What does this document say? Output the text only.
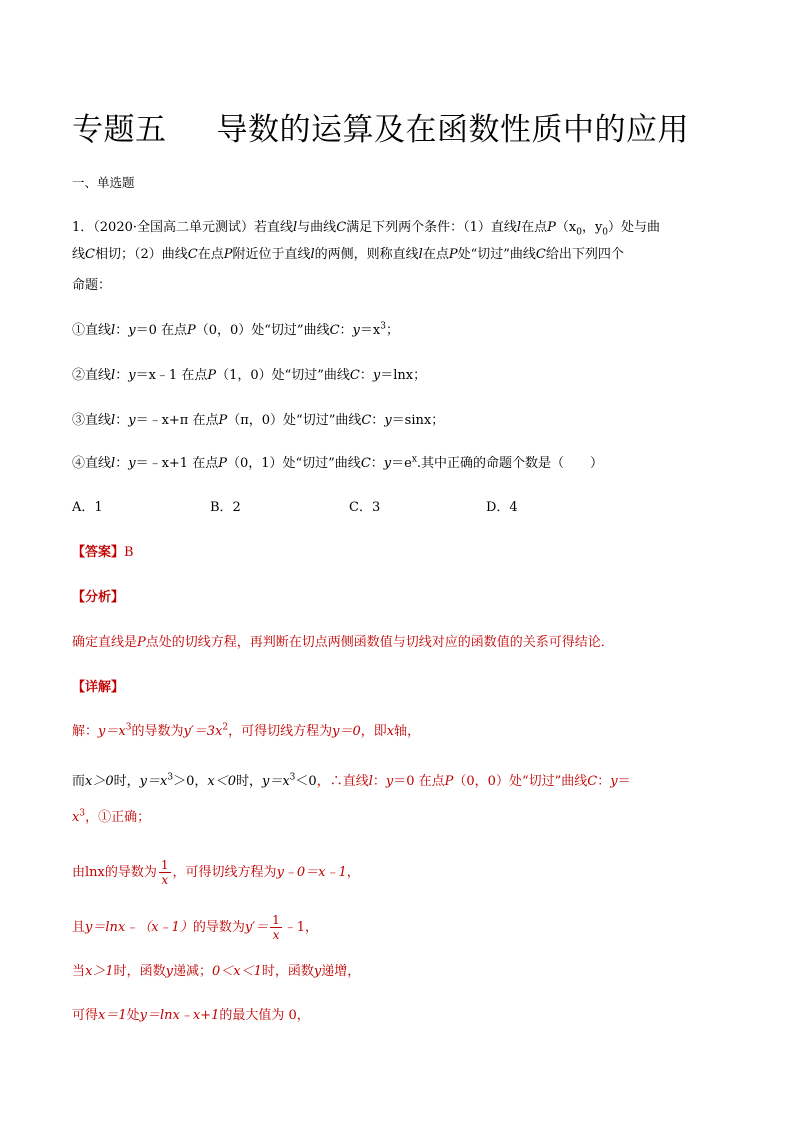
专题五 导数的运算及在函数性质中的应用
一、单选题
1．（2020·全国高二单元测试）若直线l与曲线C满足下列两个条件：（1）直线l在点$P(x_0$，$y_0$）处与曲
线C相切；（2）曲线C在点P附近位于直线l的两侧，则称直线l在点P处“切过”曲线C给出下列四个
命题：
①直线l：y＝0 在点P（0，0）处“切过”曲线C：$y=x^3$；
②直线l：y＝x﹣1 在点P（1，0）处“切过”曲线C：y＝lnx；
③直线l：y＝﹣x+π 在点P（π，0）处“切过”曲线C：y＝sinx；
④直线l：y＝﹣x+1 在点P（0，1）处“切过”曲线C：$y=e^x$.其中正确的命题个数是（　　）
A．1	B．2	C．3	D．4
【答案】B
【分析】
确定直线是P点处的切线方程，再判断在切点两侧函数值与切线对应的函数值的关系可得结论．
【详解】
解：$y=x^3$的导数为$y'=3x^2$，可得切线方程为y＝0，即x轴，
而x＞0时，$y=x^3>0$，x＜0时，$y=x^3<0$，∴直线l：y＝0 在点P（0，0）处“切过”曲线C：y＝
$x^3$，①正确；
由lnx的导数为 $\frac{1}{x}$ ，可得切线方程为y﹣0＝x﹣1，
且y＝lnx﹣（x﹣1）的导数为$y'= \frac{1}{x}$ ﹣1，
当x＞1时，函数y递减；0＜x＜1时，函数y递增，
可得x＝1处y＝lnx﹣x+1的最大值为 0，
